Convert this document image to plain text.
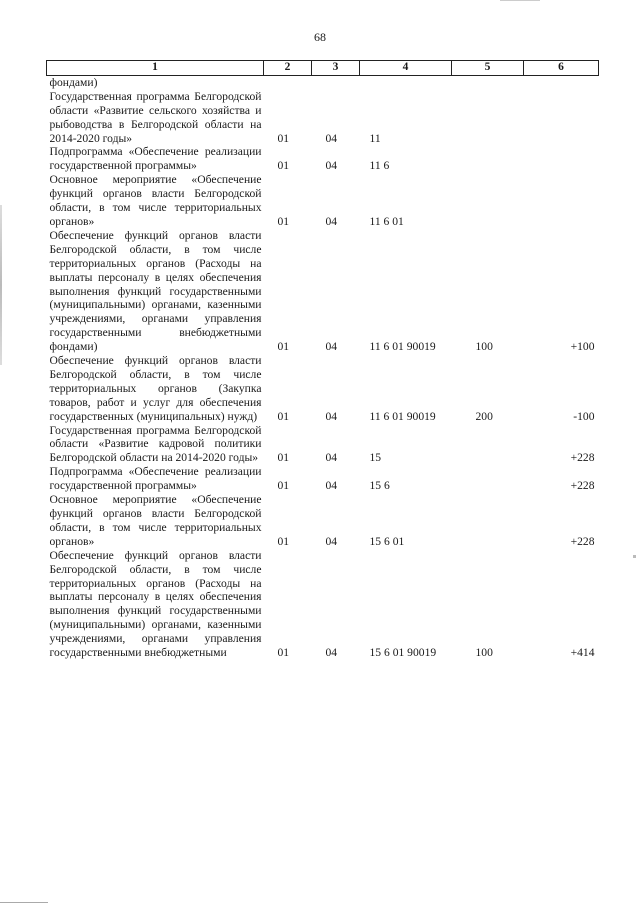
68
1	2	3	4	5	6
фондами)					
Государственная программа Белгородской области «Развитие сельского хозяйства и рыбоводства в Белгородской области на 2014-2020 годы»	01	04	11		
Подпрограмма «Обеспечение реализации государственной программы»	01	04	11 6		
Основное мероприятие «Обеспечение функций органов власти Белгородской области, в том числе территориальных органов»	01	04	11 6 01		
Обеспечение функций органов власти Белгородской области, в том числе территориальных органов (Расходы на выплаты персоналу в целях обеспечения выполнения функций государственными (муниципальными) органами, казенными учреждениями, органами управления государственными внебюджетными фондами)	01	04	11 6 01 90019	100	+100
Обеспечение функций органов власти Белгородской области, в том числе территориальных органов (Закупка товаров, работ и услуг для обеспечения государственных (муниципальных) нужд)	01	04	11 6 01 90019	200	-100
Государственная программа Белгородской области «Развитие кадровой политики Белгородской области на 2014-2020 годы»	01	04	15		+228
Подпрограмма «Обеспечение реализации государственной программы»	01	04	15 6		+228
Основное мероприятие «Обеспечение функций органов власти Белгородской области, в том числе территориальных органов»	01	04	15 6 01		+228
Обеспечение функций органов власти Белгородской области, в том числе территориальных органов (Расходы на выплаты персоналу в целях обеспечения выполнения функций государственными (муниципальными) органами, казенными учреждениями, органами управления государственными внебюджетными	01	04	15 6 01 90019	100	+414
